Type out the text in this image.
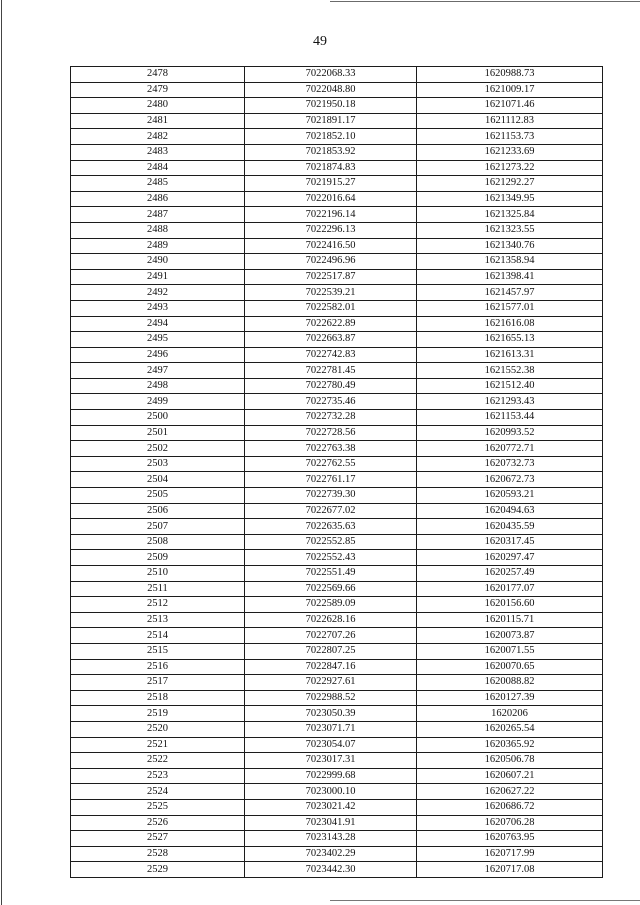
49
2478	7022068.33	1620988.73
2479	7022048.80	1621009.17
2480	7021950.18	1621071.46
2481	7021891.17	1621112.83
2482	7021852.10	1621153.73
2483	7021853.92	1621233.69
2484	7021874.83	1621273.22
2485	7021915.27	1621292.27
2486	7022016.64	1621349.95
2487	7022196.14	1621325.84
2488	7022296.13	1621323.55
2489	7022416.50	1621340.76
2490	7022496.96	1621358.94
2491	7022517.87	1621398.41
2492	7022539.21	1621457.97
2493	7022582.01	1621577.01
2494	7022622.89	1621616.08
2495	7022663.87	1621655.13
2496	7022742.83	1621613.31
2497	7022781.45	1621552.38
2498	7022780.49	1621512.40
2499	7022735.46	1621293.43
2500	7022732.28	1621153.44
2501	7022728.56	1620993.52
2502	7022763.38	1620772.71
2503	7022762.55	1620732.73
2504	7022761.17	1620672.73
2505	7022739.30	1620593.21
2506	7022677.02	1620494.63
2507	7022635.63	1620435.59
2508	7022552.85	1620317.45
2509	7022552.43	1620297.47
2510	7022551.49	1620257.49
2511	7022569.66	1620177.07
2512	7022589.09	1620156.60
2513	7022628.16	1620115.71
2514	7022707.26	1620073.87
2515	7022807.25	1620071.55
2516	7022847.16	1620070.65
2517	7022927.61	1620088.82
2518	7022988.52	1620127.39
2519	7023050.39	1620206
2520	7023071.71	1620265.54
2521	7023054.07	1620365.92
2522	7023017.31	1620506.78
2523	7022999.68	1620607.21
2524	7023000.10	1620627.22
2525	7023021.42	1620686.72
2526	7023041.91	1620706.28
2527	7023143.28	1620763.95
2528	7023402.29	1620717.99
2529	7023442.30	1620717.08
